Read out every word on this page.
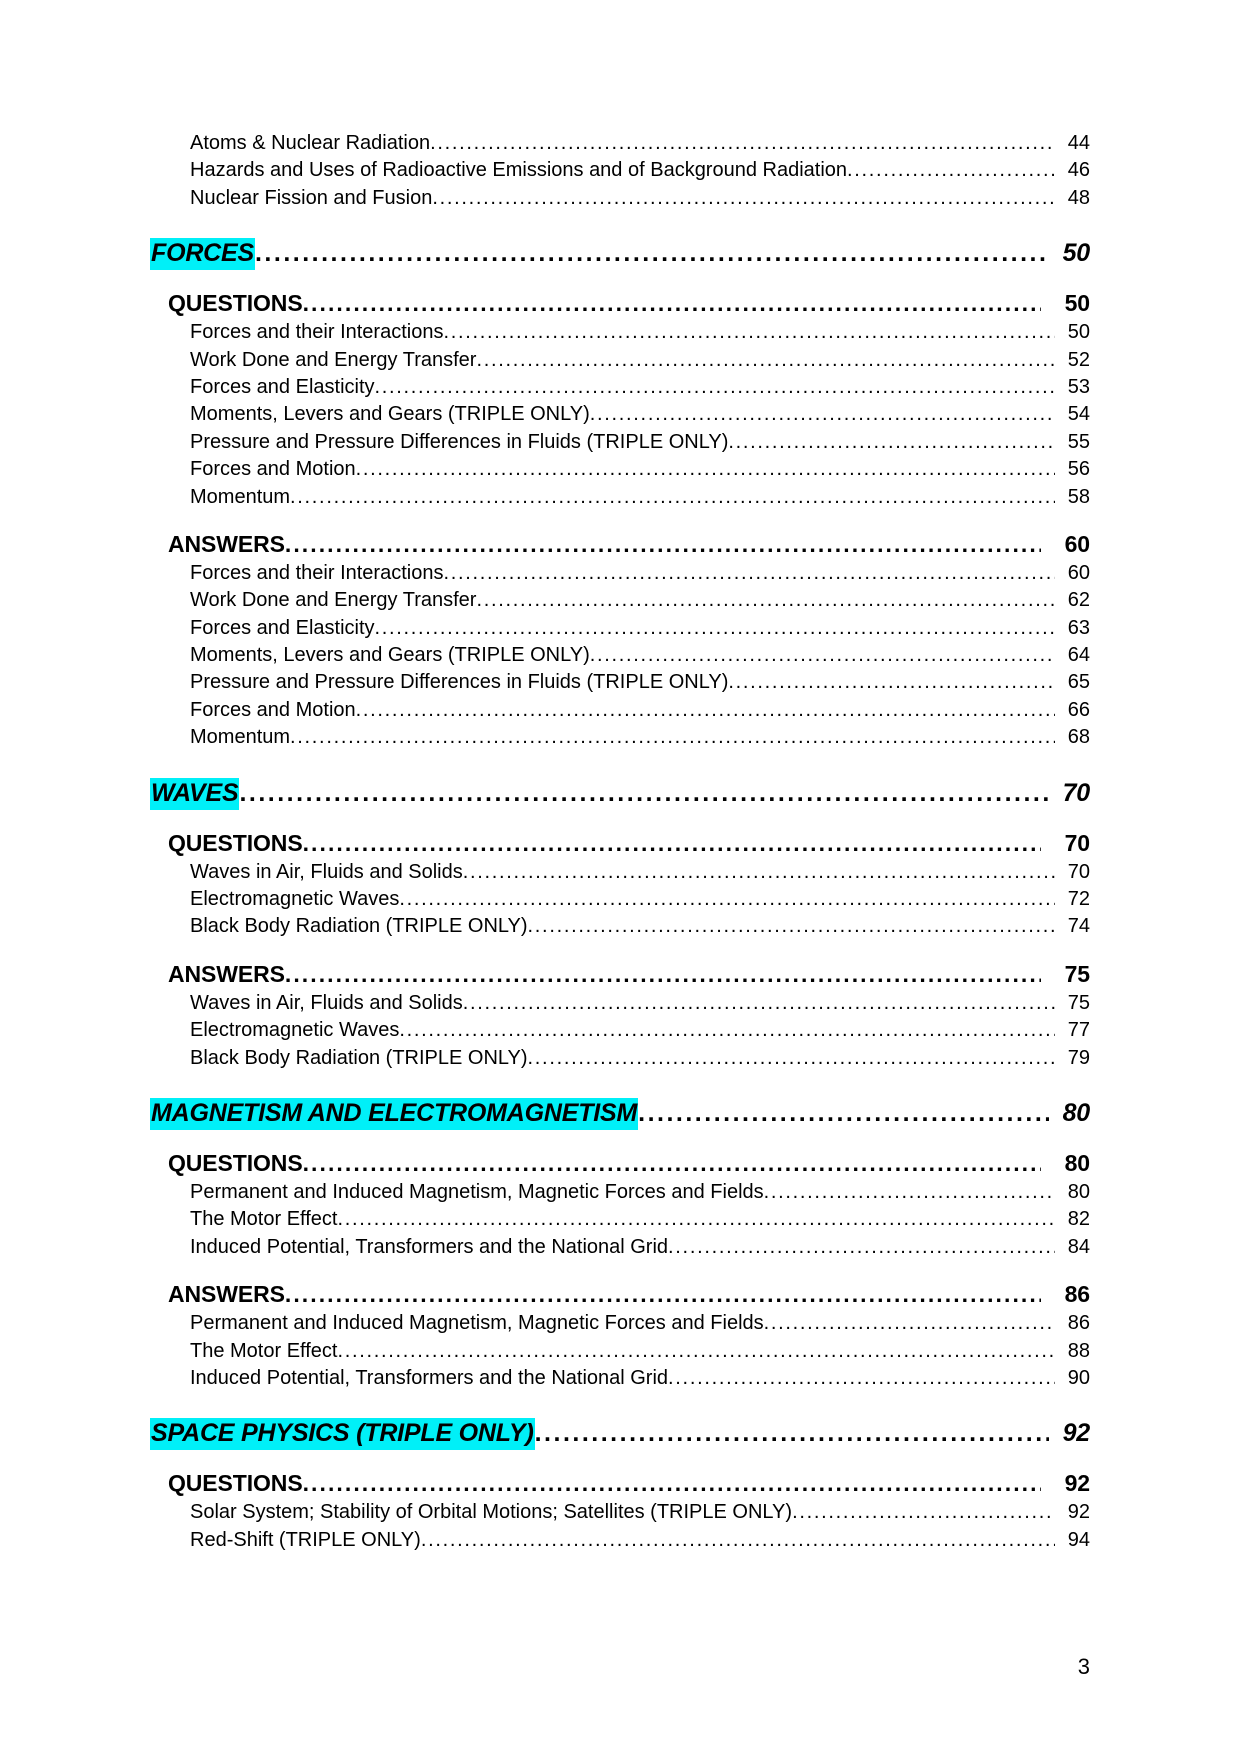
Atoms & Nuclear Radiation .....	44
Hazards and Uses of Radioactive Emissions and of Background Radiation .....	46
Nuclear Fission and Fusion .....	48
FORCES .....	50
QUESTIONS .....	50
Forces and their Interactions .....	50
Work Done and Energy Transfer .....	52
Forces and Elasticity .....	53
Moments, Levers and Gears (TRIPLE ONLY) .....	54
Pressure and Pressure Differences in Fluids (TRIPLE ONLY) .....	55
Forces and Motion .....	56
Momentum .....	58
ANSWERS .....	60
Forces and their Interactions .....	60
Work Done and Energy Transfer .....	62
Forces and Elasticity .....	63
Moments, Levers and Gears (TRIPLE ONLY) .....	64
Pressure and Pressure Differences in Fluids (TRIPLE ONLY) .....	65
Forces and Motion .....	66
Momentum .....	68
WAVES .....	70
QUESTIONS .....	70
Waves in Air, Fluids and Solids .....	70
Electromagnetic Waves .....	72
Black Body Radiation (TRIPLE ONLY) .....	74
ANSWERS .....	75
Waves in Air, Fluids and Solids .....	75
Electromagnetic Waves .....	77
Black Body Radiation (TRIPLE ONLY) .....	79
MAGNETISM AND ELECTROMAGNETISM .....	80
QUESTIONS .....	80
Permanent and Induced Magnetism, Magnetic Forces and Fields .....	80
The Motor Effect .....	82
Induced Potential, Transformers and the National Grid .....	84
ANSWERS .....	86
Permanent and Induced Magnetism, Magnetic Forces and Fields .....	86
The Motor Effect .....	88
Induced Potential, Transformers and the National Grid .....	90
SPACE PHYSICS (TRIPLE ONLY) .....	92
QUESTIONS .....	92
Solar System; Stability of Orbital Motions; Satellites (TRIPLE ONLY) .....	92
Red-Shift (TRIPLE ONLY) .....	94
3
